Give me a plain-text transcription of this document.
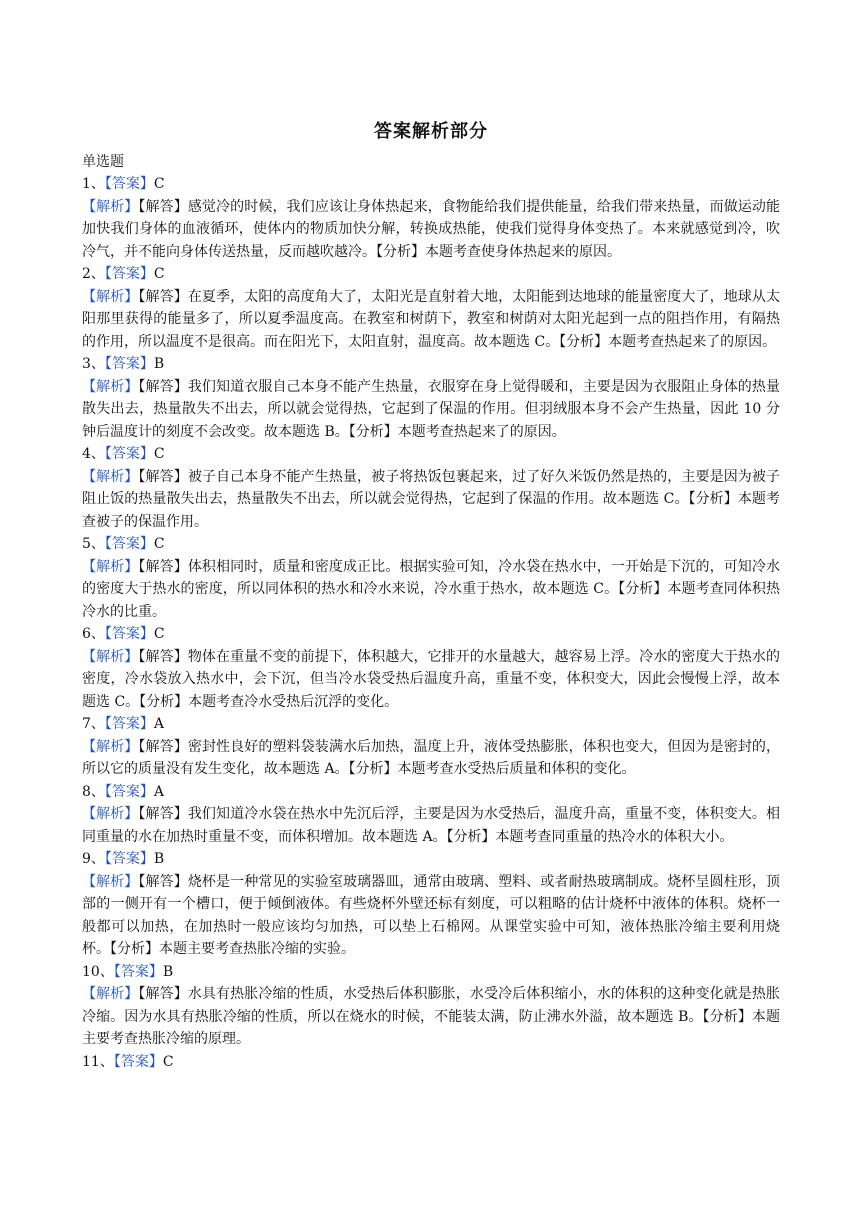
答案解析部分
单选题
1、【答案】C
【解析】【解答】感觉冷的时候，我们应该让身体热起来，食物能给我们提供能量，给我们带来热量，而做运动能加快我们身体的血液循环，使体内的物质加快分解，转换成热能，使我们觉得身体变热了。本来就感觉到冷，吹冷气，并不能向身体传送热量，反而越吹越冷。【分析】本题考查使身体热起来的原因。
2、【答案】C
【解析】【解答】在夏季，太阳的高度角大了，太阳光是直射着大地，太阳能到达地球的能量密度大了，地球从太阳那里获得的能量多了，所以夏季温度高。在教室和树荫下，教室和树荫对太阳光起到一点的阻挡作用，有隔热的作用，所以温度不是很高。而在阳光下，太阳直射，温度高。故本题选 C。【分析】本题考查热起来了的原因。
3、【答案】B
【解析】【解答】我们知道衣服自己本身不能产生热量，衣服穿在身上觉得暖和，主要是因为衣服阻止身体的热量散失出去，热量散失不出去，所以就会觉得热，它起到了保温的作用。但羽绒服本身不会产生热量，因此 10 分钟后温度计的刻度不会改变。故本题选 B。【分析】本题考查热起来了的原因。
4、【答案】C
【解析】【解答】被子自己本身不能产生热量，被子将热饭包裹起来，过了好久米饭仍然是热的，主要是因为被子阻止饭的热量散失出去，热量散失不出去，所以就会觉得热，它起到了保温的作用。故本题选 C。【分析】本题考查被子的保温作用。
5、【答案】C
【解析】【解答】体积相同时，质量和密度成正比。根据实验可知，冷水袋在热水中，一开始是下沉的，可知冷水的密度大于热水的密度，所以同体积的热水和冷水来说，冷水重于热水，故本题选 C。【分析】本题考查同体积热冷水的比重。
6、【答案】C
【解析】【解答】物体在重量不变的前提下，体积越大，它排开的水量越大，越容易上浮。冷水的密度大于热水的密度，冷水袋放入热水中，会下沉，但当冷水袋受热后温度升高，重量不变，体积变大，因此会慢慢上浮，故本题选 C。【分析】本题考查冷水受热后沉浮的变化。
7、【答案】A
【解析】【解答】密封性良好的塑料袋装满水后加热，温度上升，液体受热膨胀，体积也变大，但因为是密封的，所以它的质量没有发生变化，故本题选 A。【分析】本题考查水受热后质量和体积的变化。
8、【答案】A
【解析】【解答】我们知道冷水袋在热水中先沉后浮，主要是因为水受热后，温度升高，重量不变，体积变大。相同重量的水在加热时重量不变，而体积增加。故本题选 A。【分析】本题考查同重量的热冷水的体积大小。
9、【答案】B
【解析】【解答】烧杯是一种常见的实验室玻璃器皿，通常由玻璃、塑料、或者耐热玻璃制成。烧杯呈圆柱形，顶部的一侧开有一个槽口，便于倾倒液体。有些烧杯外壁还标有刻度，可以粗略的估计烧杯中液体的体积。烧杯一般都可以加热，在加热时一般应该均匀加热，可以垫上石棉网。从课堂实验中可知，液体热胀冷缩主要利用烧杯。【分析】本题主要考查热胀冷缩的实验。
10、【答案】B
【解析】【解答】水具有热胀冷缩的性质，水受热后体积膨胀，水受冷后体积缩小，水的体积的这种变化就是热胀冷缩。因为水具有热胀冷缩的性质，所以在烧水的时候，不能装太满，防止沸水外溢，故本题选 B。【分析】本题主要考查热胀冷缩的原理。
11、【答案】C
